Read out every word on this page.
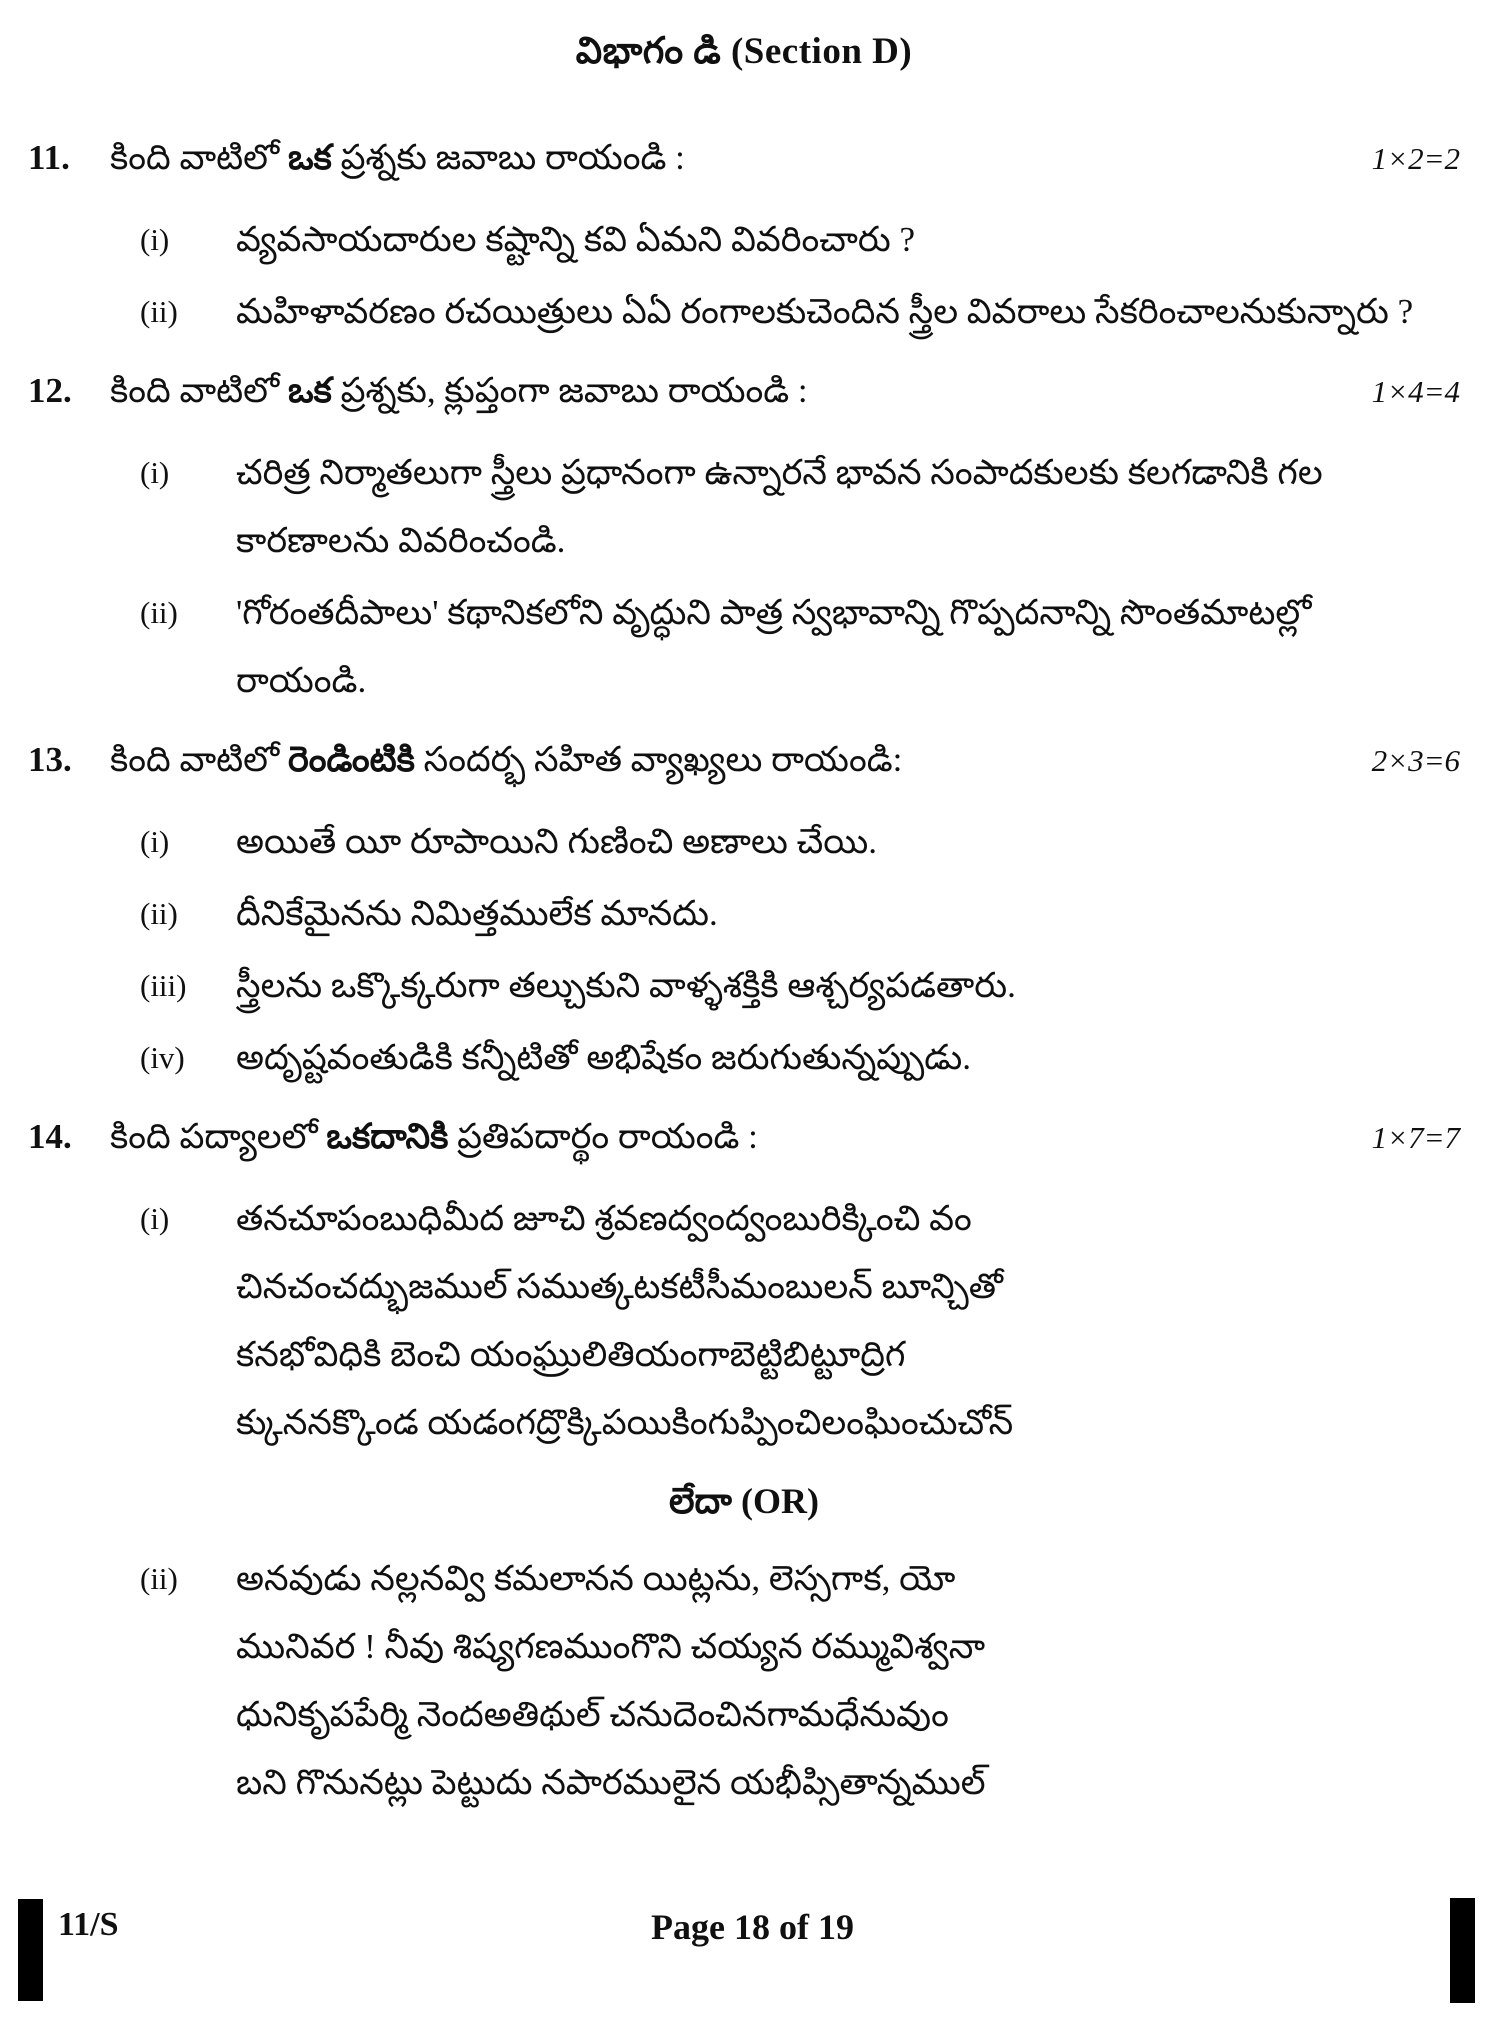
విభాగం డి (Section D)
11.	కింది వాటిలో ఒక ప్రశ్నకు జవాబు రాయండి :	1×2=2
(i)	వ్యవసాయదారుల కష్టాన్ని కవి ఏమని వివరించారు ?
(ii)	మహిళావరణం రచయిత్రులు ఏఏ రంగాలకుచెందిన స్త్రీల వివరాలు సేకరించాలనుకున్నారు ?
12.	కింది వాటిలో ఒక ప్రశ్నకు, క్లుప్తంగా జవాబు రాయండి :	1×4=4
(i)	చరిత్ర నిర్మాతలుగా స్త్రీలు ప్రధానంగా ఉన్నారనే భావన సంపాదకులకు కలగడానికి గల కారణాలను వివరించండి.
(ii)	'గోరంతదీపాలు' కథానికలోని వృద్ధుని పాత్ర స్వభావాన్ని గొప్పదనాన్ని సొంతమాటల్లో రాయండి.
13.	కింది వాటిలో రెండింటికి సందర్భ సహిత వ్యాఖ్యలు రాయండి:	2×3=6
(i)	అయితే యీ రూపాయిని గుణించి అణాలు చేయి.
(ii)	దీనికేమైనను నిమిత్తములేక మానదు.
(iii)	స్త్రీలను ఒక్కొక్కరుగా తల్చుకుని వాళ్ళశక్తికి ఆశ్చర్యపడతారు.
(iv)	అదృష్టవంతుడికి కన్నీటితో అభిషేకం జరుగుతున్నప్పుడు.
14.	కింది పద్యాలలో ఒకదానికి ప్రతిపదార్థం రాయండి :	1×7=7
(i)	తనచూపంబుధిమీద జూచి శ్రవణద్వంద్వంబురిక్కించి వం
చినచంచద్భుజముల్ సముత్కటకటీసీమంబులన్ బూన్చితో
కనభోవిధికి బెంచి యంఘ్రులితియంగాబెట్టిబిట్టూద్రిగ
క్కుననక్కొండ యడంగద్రొక్కిపయికింగుప్పించిలంఘించుచోన్
లేదా (OR)
(ii)	అనవుడు నల్లనవ్వి కమలానన యిట్లను, లెస్సగాక, యో
మునివర ! నీవు శిష్యగణముంగొని చయ్యన రమ్మువిశ్వనా
ధునికృపపేర్మి నెందఅతిథుల్ చనుదెంచినగామధేనువుం
బని గొనునట్లు పెట్టుదు నపారములైన యభీప్సితాన్నముల్
11/S	Page 18 of 19
